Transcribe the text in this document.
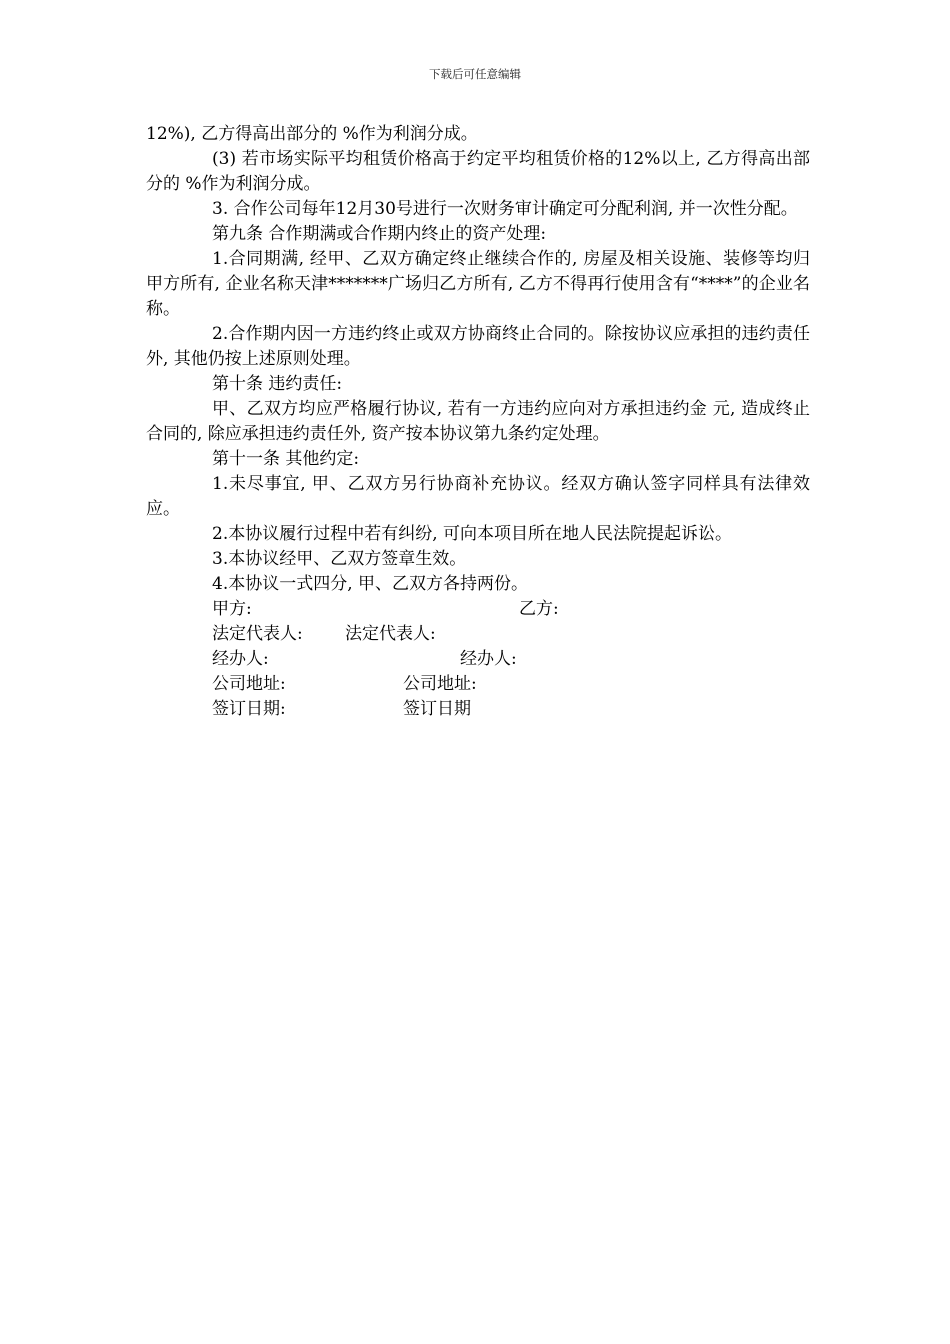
下载后可任意编辑

12%), 乙方得高出部分的 %作为利润分成。

(3) 若市场实际平均租赁价格高于约定平均租赁价格的12%以上, 乙方得高出部分的 %作为利润分成。

3. 合作公司每年12月30号进行一次财务审计确定可分配利润, 并一次性分配。

第九条 合作期满或合作期内终止的资产处理:

1.合同期满, 经甲、乙双方确定终止继续合作的, 房屋及相关设施、装修等均归甲方所有, 企业名称天津*******广场归乙方所有, 乙方不得再行使用含有“****”的企业名称。

2.合作期内因一方违约终止或双方协商终止合同的。除按协议应承担的违约责任外, 其他仍按上述原则处理。

第十条 违约责任:

甲、乙双方均应严格履行协议, 若有一方违约应向对方承担违约金 元, 造成终止合同的, 除应承担违约责任外, 资产按本协议第九条约定处理。

第十一条 其他约定:

1.未尽事宜, 甲、乙双方另行协商补充协议。经双方确认签字同样具有法律效应。

2.本协议履行过程中若有纠纷, 可向本项目所在地人民法院提起诉讼。

3.本协议经甲、乙双方签章生效。

4.本协议一式四分, 甲、乙双方各持两份。

甲方:	乙方:
法定代表人: 法定代表人:
经办人:	经办人:
公司地址:	公司地址:
签订日期:	签订日期
